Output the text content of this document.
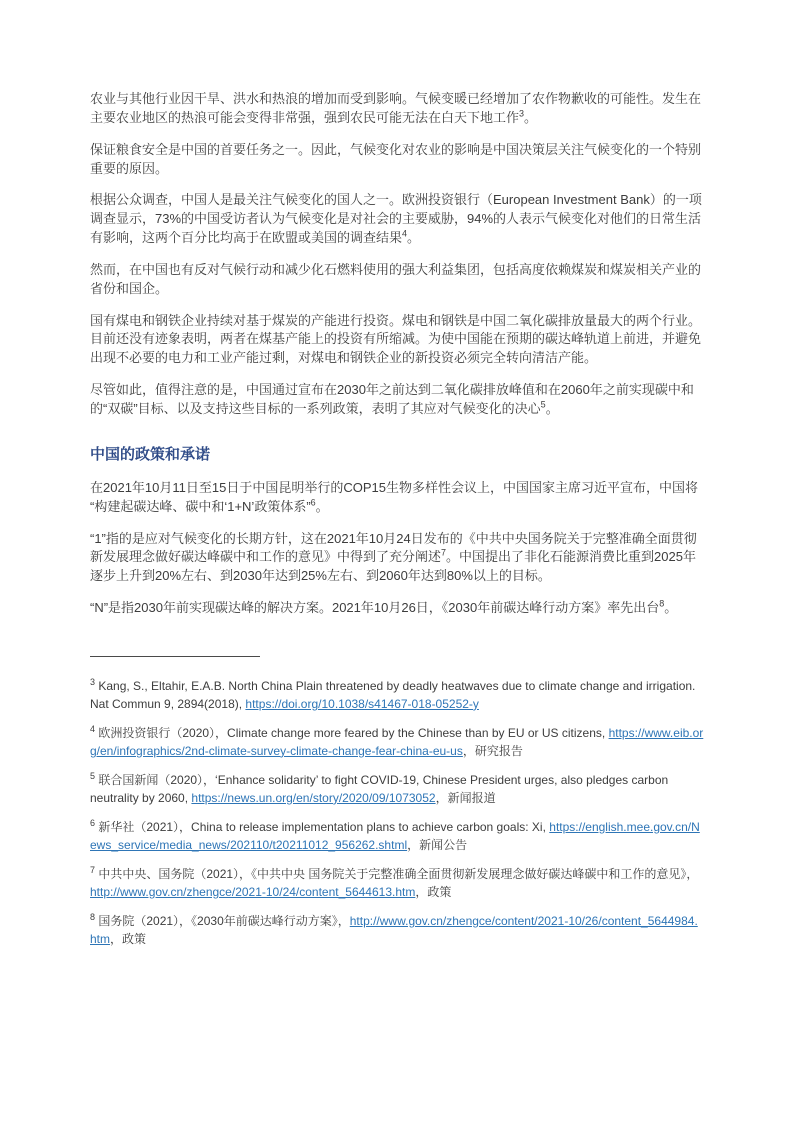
农业与其他行业因干旱、洪水和热浪的增加而受到影响。气候变暖已经增加了农作物歉收的可能性。发生在主要农业地区的热浪可能会变得非常强，强到农民可能无法在白天下地工作$^3$。

保证粮食安全是中国的首要任务之一。因此，气候变化对农业的影响是中国决策层关注气候变化的一个特别重要的原因。

根据公众调查，中国人是最关注气候变化的国人之一。欧洲投资银行（European Investment Bank）的一项调查显示，73%的中国受访者认为气候变化是对社会的主要威胁，94%的人表示气候变化对他们的日常生活有影响，这两个百分比均高于在欧盟或美国的调查结果$^4$。

然而，在中国也有反对气候行动和减少化石燃料使用的强大利益集团，包括高度依赖煤炭和煤炭相关产业的省份和国企。

国有煤电和钢铁企业持续对基于煤炭的产能进行投资。煤电和钢铁是中国二氧化碳排放量最大的两个行业。目前还没有迹象表明，两者在煤基产能上的投资有所缩减。为使中国能在预期的碳达峰轨道上前进，并避免出现不必要的电力和工业产能过剩，对煤电和钢铁企业的新投资必须完全转向清洁产能。

尽管如此，值得注意的是，中国通过宣布在2030年之前达到二氧化碳排放峰值和在2060年之前实现碳中和的“双碳”目标、以及支持这些目标的一系列政策，表明了其应对气候变化的决心$^5$。

中国的政策和承诺

在2021年10月11日至15日于中国昆明举行的COP15生物多样性会议上，中国国家主席习近平宣布，中国将 “构建起碳达峰、碳中和‘1+N’政策体系”$^6$。

“1”指的是应对气候变化的长期方针，这在2021年10月24日发布的《中共中央国务院关于完整准确全面贯彻新发展理念做好碳达峰碳中和工作的意见》中得到了充分阐述$^7$。中国提出了非化石能源消费比重到2025年逐步上升到20%左右、到2030年达到25%左右、到2060年达到80%以上的目标。

“N”是指2030年前实现碳达峰的解决方案。2021年10月26日，《2030年前碳达峰行动方案》率先出台$^8$。

$^3$ Kang, S., Eltahir, E.A.B. North China Plain threatened by deadly heatwaves due to climate change and irrigation. Nat Commun 9, 2894(2018), https://doi.org/10.1038/s41467-018-05252-y

$^4$ 欧洲投资银行（2020），Climate change more feared by the Chinese than by EU or US citizens, https://www.eib.org/en/infographics/2nd-climate-survey-climate-change-fear-china-eu-us，研究报告

$^5$ 联合国新闻（2020），‘Enhance solidarity’ to fight COVID-19, Chinese President urges, also pledges carbon neutrality by 2060, https://news.un.org/en/story/2020/09/1073052，新闻报道

$^6$ 新华社（2021），China to release implementation plans to achieve carbon goals: Xi, https://english.mee.gov.cn/News_service/media_news/202110/t20211012_956262.shtml，新闻公告

$^7$ 中共中央、国务院（2021），《中共中央 国务院关于完整准确全面贯彻新发展理念做好碳达峰碳中和工作的意见》，http://www.gov.cn/zhengce/2021-10/24/content_5644613.htm，政策

$^8$ 国务院（2021），《2030年前碳达峰行动方案》，http://www.gov.cn/zhengce/content/2021-10/26/content_5644984.htm，政策
